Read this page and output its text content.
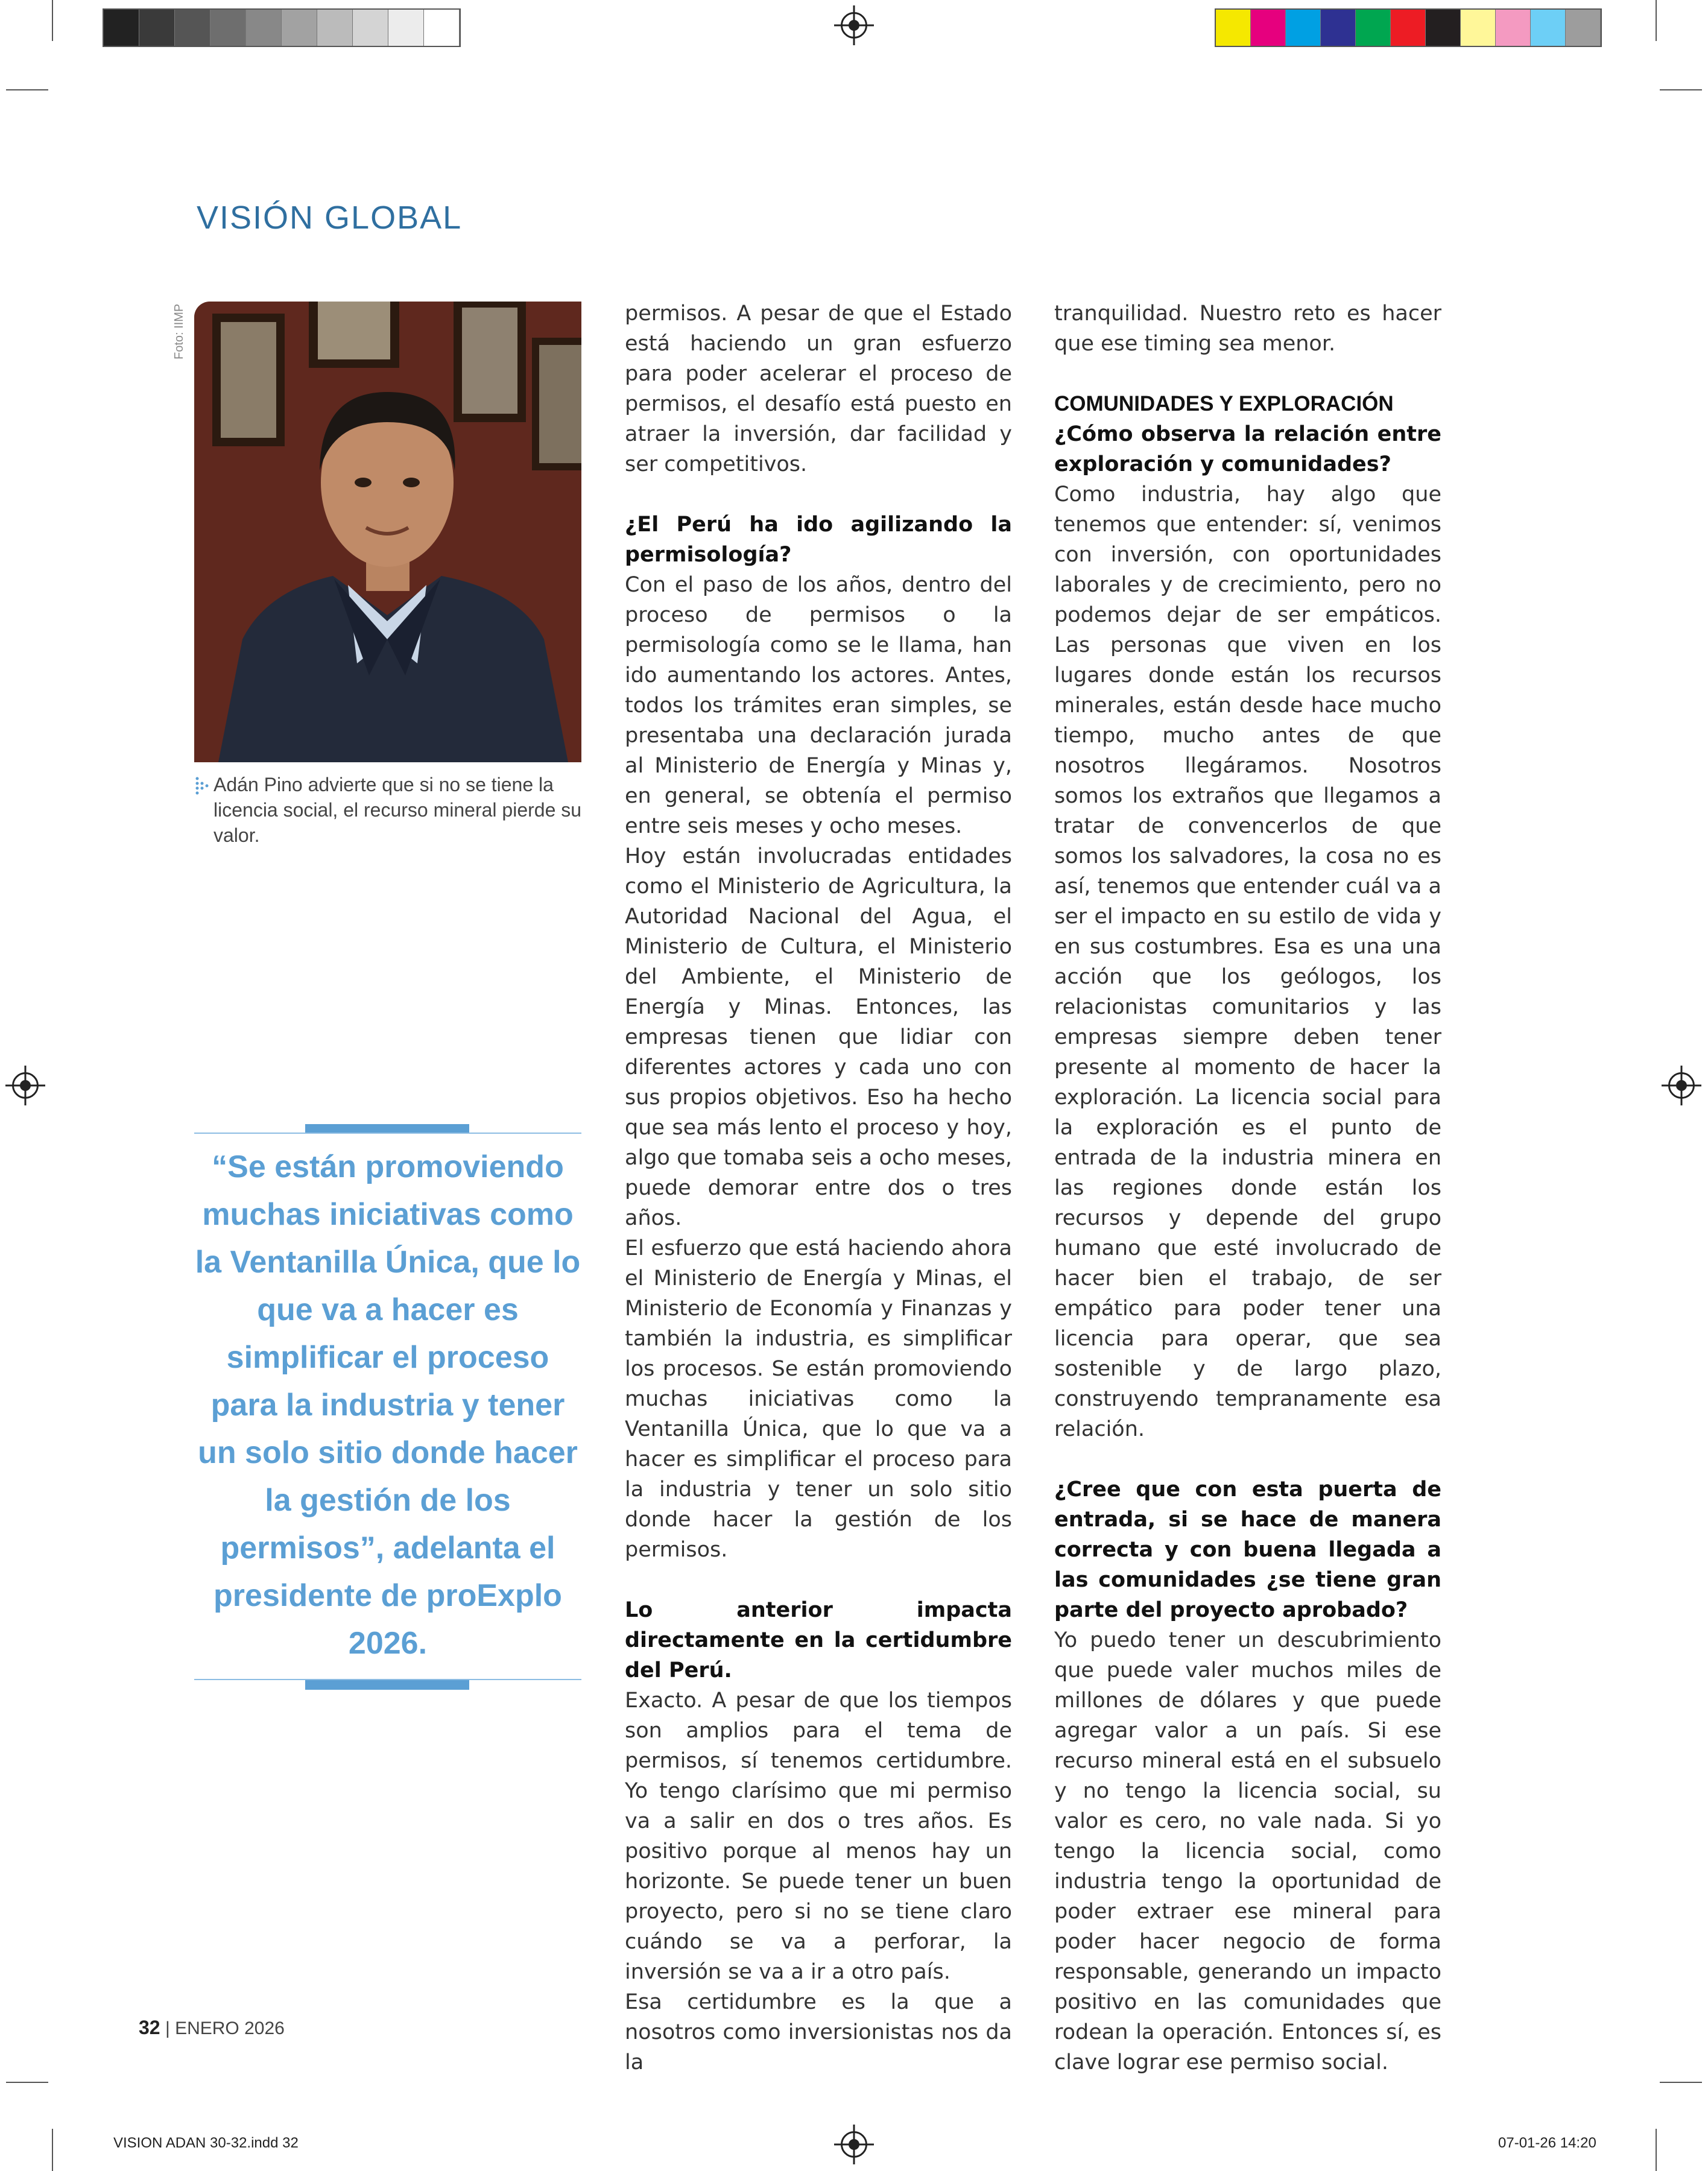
VISIÓN GLOBAL
Foto: IIMP
Adán Pino advierte que si no se tiene la licencia social, el recurso mineral pierde su valor.
“Se están promoviendo muchas iniciativas como la Ventanilla Única, que lo que va a hacer es simplificar el proceso para la industria y tener un solo sitio donde hacer la gestión de los permisos”, adelanta el presidente de proExplo 2026.

permisos. A pesar de que el Estado está haciendo un gran esfuerzo para poder acelerar el proceso de permisos, el desafío está puesto en atraer la inversión, dar facilidad y ser competitivos.

¿El Perú ha ido agilizando la permisología?

Con el paso de los años, dentro del proceso de permisos o la permisología como se le llama, han ido aumentando los actores. Antes, todos los trámites eran simples, se presentaba una declaración jurada al Ministerio de Energía y Minas y, en general, se obtenía el permiso entre seis meses y ocho meses.

Hoy están involucradas entidades como el Ministerio de Agricultura, la Autoridad Nacional del Agua, el Ministerio de Cultura, el Ministerio del Ambiente, el Ministerio de Energía y Minas. Entonces, las empresas tienen que lidiar con diferentes actores y cada uno con sus propios objetivos. Eso ha hecho que sea más lento el proceso y hoy, algo que tomaba seis a ocho meses, puede demorar entre dos o tres años.

El esfuerzo que está haciendo ahora el Ministerio de Energía y Minas, el Ministerio de Economía y Finanzas y también la industria, es simplificar los procesos. Se están promoviendo muchas iniciativas como la Ventanilla Única, que lo que va a hacer es simplificar el proceso para la industria y tener un solo sitio donde hacer la gestión de los permisos.

Lo anterior impacta directamente en la certidumbre del Perú.

Exacto. A pesar de que los tiempos son amplios para el tema de permisos, sí tenemos certidumbre. Yo tengo clarísimo que mi permiso va a salir en dos o tres años. Es positivo porque al menos hay un horizonte. Se puede tener un buen proyecto, pero si no se tiene claro cuándo se va a perforar, la inversión se va a ir a otro país.

Esa certidumbre es la que a nosotros como inversionistas nos da la

tranquilidad. Nuestro reto es hacer que ese timing sea menor.

COMUNIDADES Y EXPLORACIÓN

¿Cómo observa la relación entre exploración y comunidades?

Como industria, hay algo que tenemos que entender: sí, venimos con inversión, con oportunidades laborales y de crecimiento, pero no podemos dejar de ser empáticos. Las personas que viven en los lugares donde están los recursos minerales, están desde hace mucho tiempo, mucho antes de que nosotros llegáramos. Nosotros somos los extraños que llegamos a tratar de convencerlos de que somos los salvadores, la cosa no es así, tenemos que entender cuál va a ser el impacto en su estilo de vida y en sus costumbres. Esa es una una acción que los geólogos, los relacionistas comunitarios y las empresas siempre deben tener presente al momento de hacer la exploración. La licencia social para la exploración es el punto de entrada de la industria minera en las regiones donde están los recursos y depende del grupo humano que esté involucrado de hacer bien el trabajo, de ser empático para poder tener una licencia para operar, que sea sostenible y de largo plazo, construyendo tempranamente esa relación.

¿Cree que con esta puerta de entrada, si se hace de manera correcta y con buena llegada a las comunidades ¿se tiene gran parte del proyecto aprobado?

Yo puedo tener un descubrimiento que puede valer muchos miles de millones de dólares y que puede agregar valor a un país. Si ese recurso mineral está en el subsuelo y no tengo la licencia social, su valor es cero, no vale nada. Si yo tengo la licencia social, como industria tengo la oportunidad de poder extraer ese mineral para poder hacer negocio de forma responsable, generando un impacto positivo en las comunidades que rodean la operación. Entonces sí, es clave lograr ese permiso social.

32 | ENERO 2026
VISION ADAN 30-32.indd 32	07-01-26 14:20
